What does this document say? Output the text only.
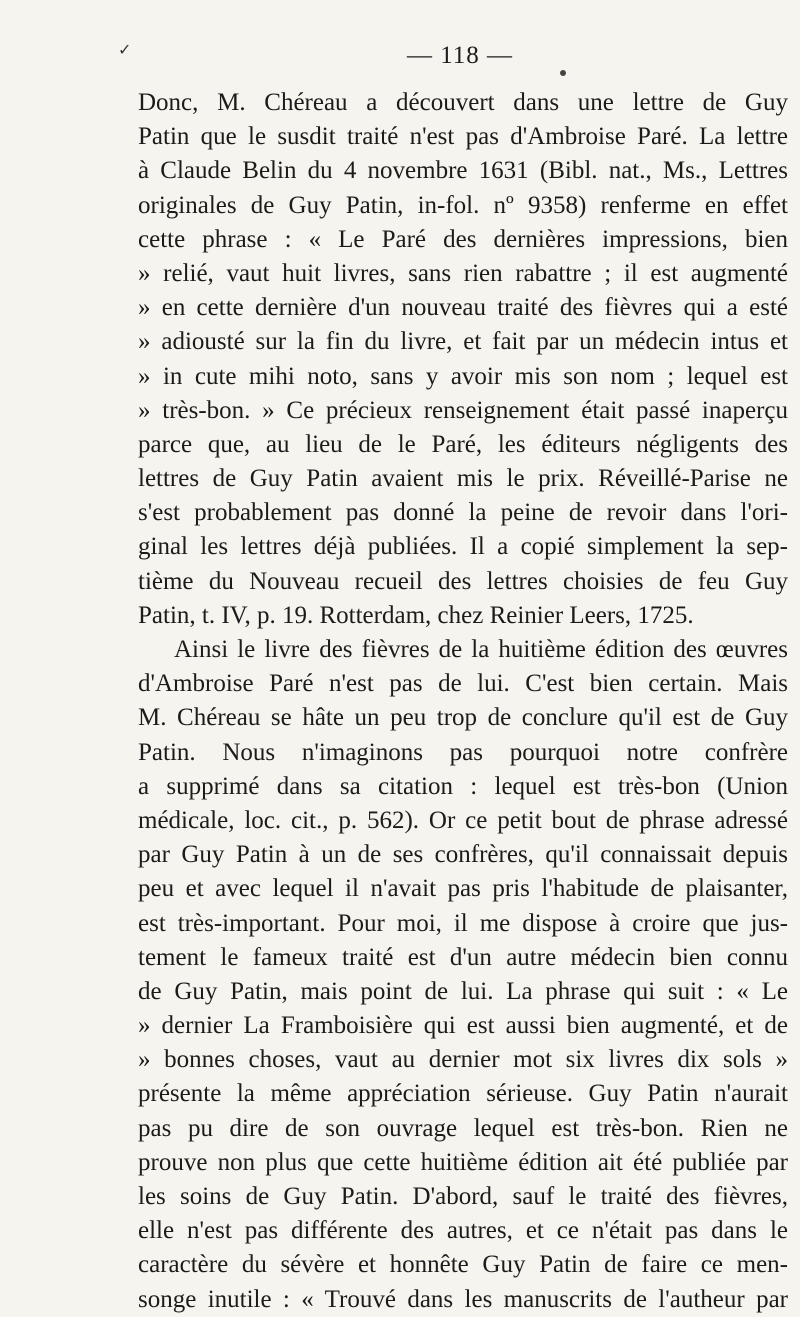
✓	— 118 —
Donc, M. Chéreau a découvert dans une lettre de Guy
Patin que le susdit traité n'est pas d'Ambroise Paré. La lettre
à Claude Belin du 4 novembre 1631 (Bibl. nat., Ms., Lettres
originales de Guy Patin, in-fol. nº 9358) renferme en effet
cette phrase : « Le Paré des dernières impressions, bien
» relié, vaut huit livres, sans rien rabattre ; il est augmenté
» en cette dernière d'un nouveau traité des fièvres qui a esté
» adiousté sur la fin du livre, et fait par un médecin intus et
» in cute mihi noto, sans y avoir mis son nom ; lequel est
» très-bon. » Ce précieux renseignement était passé inaperçu
parce que, au lieu de le Paré, les éditeurs négligents des
lettres de Guy Patin avaient mis le prix. Réveillé-Parise ne
s'est probablement pas donné la peine de revoir dans l'ori-
ginal les lettres déjà publiées. Il a copié simplement la sep-
tième du Nouveau recueil des lettres choisies de feu Guy
Patin, t. IV, p. 19. Rotterdam, chez Reinier Leers, 1725.
Ainsi le livre des fièvres de la huitième édition des œuvres
d'Ambroise Paré n'est pas de lui. C'est bien certain. Mais
M. Chéreau se hâte un peu trop de conclure qu'il est de Guy
Patin. Nous n'imaginons pas pourquoi notre confrère
a supprimé dans sa citation : lequel est très-bon (Union
médicale, loc. cit., p. 562). Or ce petit bout de phrase adressé
par Guy Patin à un de ses confrères, qu'il connaissait depuis
peu et avec lequel il n'avait pas pris l'habitude de plaisanter,
est très-important. Pour moi, il me dispose à croire que jus-
tement le fameux traité est d'un autre médecin bien connu
de Guy Patin, mais point de lui. La phrase qui suit : « Le
» dernier La Framboisière qui est aussi bien augmenté, et de
» bonnes choses, vaut au dernier mot six livres dix sols »
présente la même appréciation sérieuse. Guy Patin n'aurait
pas pu dire de son ouvrage lequel est très-bon. Rien ne
prouve non plus que cette huitième édition ait été publiée par
les soins de Guy Patin. D'abord, sauf le traité des fièvres,
elle n'est pas différente des autres, et ce n'était pas dans le
caractère du sévère et honnête Guy Patin de faire ce men-
songe inutile : « Trouvé dans les manuscrits de l'autheur par
